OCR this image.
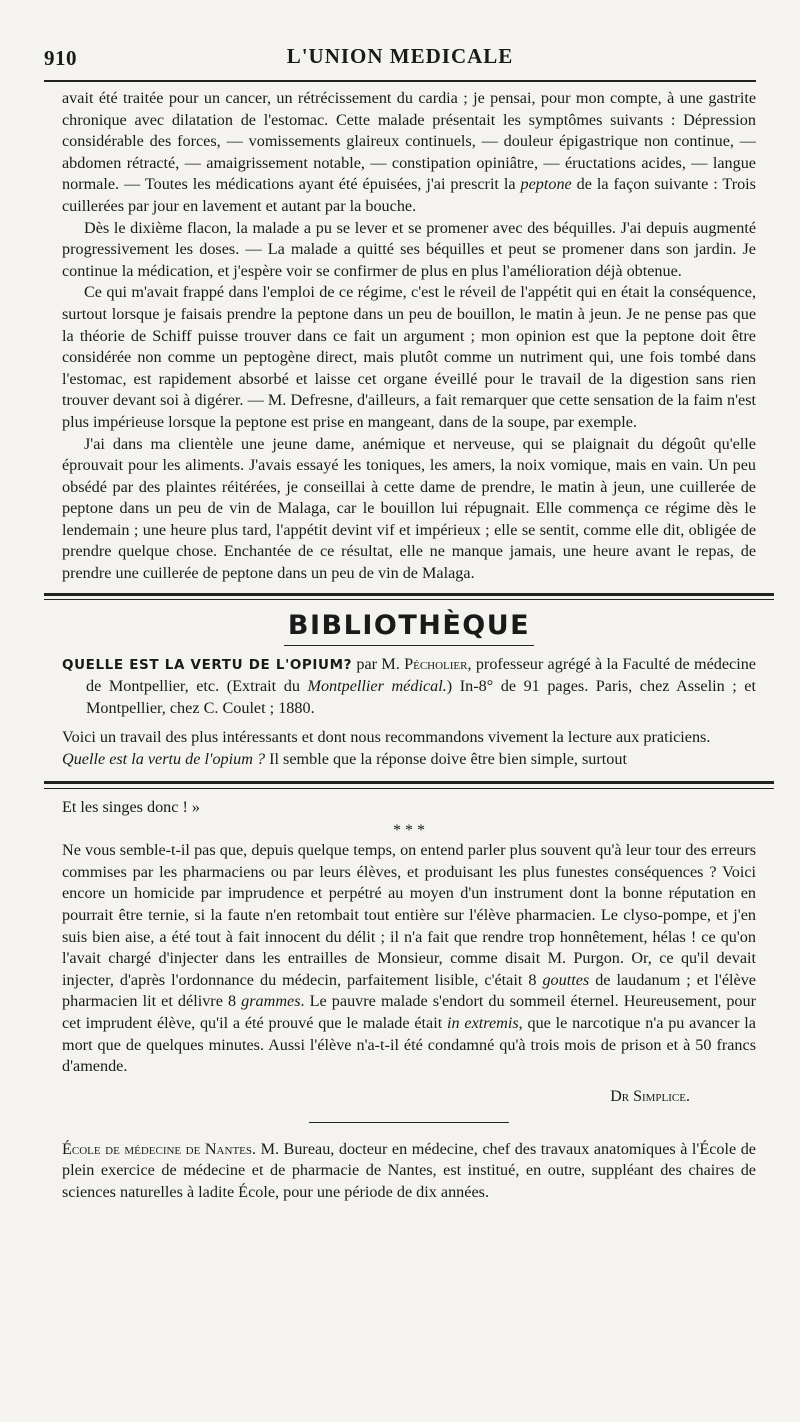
L'UNION MEDICALE
910

avait été traitée pour un cancer, un rétrécissement du cardia ; je pensai, pour mon compte, à une gastrite chronique avec dilatation de l'estomac. Cette malade présentait les symptômes suivants : Dépression considérable des forces, — vomissements glaireux continuels, — douleur épigastrique non continue, — abdomen rétracté, — amaigrissement notable, — constipation opiniâtre, — éructations acides, — langue normale. — Toutes les médications ayant été épuisées, j'ai prescrit la peptone de la façon suivante : Trois cuillerées par jour en lavement et autant par la bouche.

Dès le dixième flacon, la malade a pu se lever et se promener avec des béquilles. J'ai depuis augmenté progressivement les doses. — La malade a quitté ses béquilles et peut se promener dans son jardin. Je continue la médication, et j'espère voir se confirmer de plus en plus l'amélioration déjà obtenue.

Ce qui m'avait frappé dans l'emploi de ce régime, c'est le réveil de l'appétit qui en était la conséquence, surtout lorsque je faisais prendre la peptone dans un peu de bouillon, le matin à jeun. Je ne pense pas que la théorie de Schiff puisse trouver dans ce fait un argument ; mon opinion est que la peptone doit être considérée non comme un peptogène direct, mais plutôt comme un nutriment qui, une fois tombé dans l'estomac, est rapidement absorbé et laisse cet organe éveillé pour le travail de la digestion sans rien trouver devant soi à digérer. — M. Defresne, d'ailleurs, a fait remarquer que cette sensation de la faim n'est plus impérieuse lorsque la peptone est prise en mangeant, dans de la soupe, par exemple.

J'ai dans ma clientèle une jeune dame, anémique et nerveuse, qui se plaignait du dégoût qu'elle éprouvait pour les aliments. J'avais essayé les toniques, les amers, la noix vomique, mais en vain. Un peu obsédé par des plaintes réitérées, je conseillai à cette dame de prendre, le matin à jeun, une cuillerée de peptone dans un peu de vin de Malaga, car le bouillon lui répugnait. Elle commença ce régime dès le lendemain ; une heure plus tard, l'appétit devint vif et impérieux ; elle se sentit, comme elle dit, obligée de prendre quelque chose. Enchantée de ce résultat, elle ne manque jamais, une heure avant le repas, de prendre une cuillerée de peptone dans un peu de vin de Malaga.

BIBLIOTHÈQUE

QUELLE EST LA VERTU DE L'OPIUM? par M. Pécholier, professeur agrégé à la Faculté de médecine de Montpellier, etc. (Extrait du Montpellier médical.) In-8° de 91 pages. Paris, chez Asselin ; et Montpellier, chez C. Coulet ; 1880.

Voici un travail des plus intéressants et dont nous recommandons vivement la lecture aux praticiens.

Quelle est la vertu de l'opium ? Il semble que la réponse doive être bien simple, surtout

Et les singes donc ! »

* * *

Ne vous semble-t-il pas que, depuis quelque temps, on entend parler plus souvent qu'à leur tour des erreurs commises par les pharmaciens ou par leurs élèves, et produisant les plus funestes conséquences ? Voici encore un homicide par imprudence et perpétré au moyen d'un instrument dont la bonne réputation en pourrait être ternie, si la faute n'en retombait tout entière sur l'élève pharmacien. Le clyso-pompe, et j'en suis bien aise, a été tout à fait innocent du délit ; il n'a fait que rendre trop honnêtement, hélas ! ce qu'on l'avait chargé d'injecter dans les entrailles de Monsieur, comme disait M. Purgon. Or, ce qu'il devait injecter, d'après l'ordonnance du médecin, parfaitement lisible, c'était 8 gouttes de laudanum ; et l'élève pharmacien lit et délivre 8 grammes. Le pauvre malade s'endort du sommeil éternel. Heureusement, pour cet imprudent élève, qu'il a été prouvé que le malade était in extremis, que le narcotique n'a pu avancer la mort que de quelques minutes. Aussi l'élève n'a-t-il été condamné qu'à trois mois de prison et à 50 francs d'amende.

Dr Simplice.

École de médecine de Nantes. M. Bureau, docteur en médecine, chef des travaux anatomiques à l'École de plein exercice de médecine et de pharmacie de Nantes, est institué, en outre, suppléant des chaires de sciences naturelles à ladite École, pour une période de dix années.
